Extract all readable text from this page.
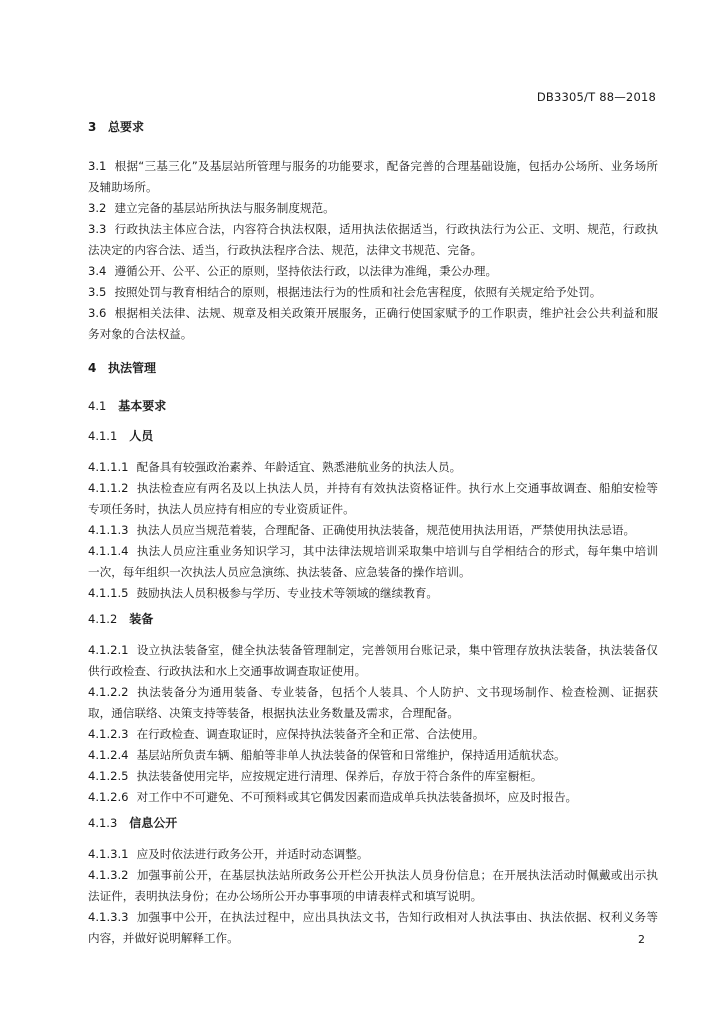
DB3305/T 88—2018
3 总要求

3.1 根据“三基三化”及基层站所管理与服务的功能要求，配备完善的合理基础设施，包括办公场所、业务场所及辅助场所。

3.2 建立完备的基层站所执法与服务制度规范。

3.3 行政执法主体应合法，内容符合执法权限，适用执法依据适当，行政执法行为公正、文明、规范，行政执法决定的内容合法、适当，行政执法程序合法、规范，法律文书规范、完备。

3.4 遵循公开、公平、公正的原则，坚持依法行政，以法律为准绳，秉公办理。

3.5 按照处罚与教育相结合的原则，根据违法行为的性质和社会危害程度，依照有关规定给予处罚。

3.6 根据相关法律、法规、规章及相关政策开展服务，正确行使国家赋予的工作职责，维护社会公共利益和服务对象的合法权益。

4 执法管理
4.1 基本要求
4.1.1 人员

4.1.1.1 配备具有较强政治素养、年龄适宜、熟悉港航业务的执法人员。

4.1.1.2 执法检查应有两名及以上执法人员，并持有有效执法资格证件。执行水上交通事故调查、船舶安检等专项任务时，执法人员应持有相应的专业资质证件。

4.1.1.3 执法人员应当规范着装，合理配备、正确使用执法装备，规范使用执法用语，严禁使用执法忌语。

4.1.1.4 执法人员应注重业务知识学习，其中法律法规培训采取集中培训与自学相结合的形式，每年集中培训一次，每年组织一次执法人员应急演练、执法装备、应急装备的操作培训。

4.1.1.5 鼓励执法人员积极参与学历、专业技术等领域的继续教育。

4.1.2 装备

4.1.2.1 设立执法装备室，健全执法装备管理制定，完善领用台账记录，集中管理存放执法装备，执法装备仅供行政检查、行政执法和水上交通事故调查取证使用。

4.1.2.2 执法装备分为通用装备、专业装备，包括个人装具、个人防护、文书现场制作、检查检测、证据获取，通信联络、决策支持等装备，根据执法业务数量及需求，合理配备。

4.1.2.3 在行政检查、调查取证时，应保持执法装备齐全和正常、合法使用。

4.1.2.4 基层站所负责车辆、船舶等非单人执法装备的保管和日常维护，保持适用适航状态。

4.1.2.5 执法装备使用完毕，应按规定进行清理、保养后，存放于符合条件的库室橱柜。

4.1.2.6 对工作中不可避免、不可预料或其它偶发因素而造成单兵执法装备损坏，应及时报告。

4.1.3 信息公开

4.1.3.1 应及时依法进行政务公开，并适时动态调整。

4.1.3.2 加强事前公开，在基层执法站所政务公开栏公开执法人员身份信息；在开展执法活动时佩戴或出示执法证件，表明执法身份；在办公场所公开办事事项的申请表样式和填写说明。

4.1.3.3 加强事中公开，在执法过程中，应出具执法文书，告知行政相对人执法事由、执法依据、权利义务等内容，并做好说明解释工作。	2
